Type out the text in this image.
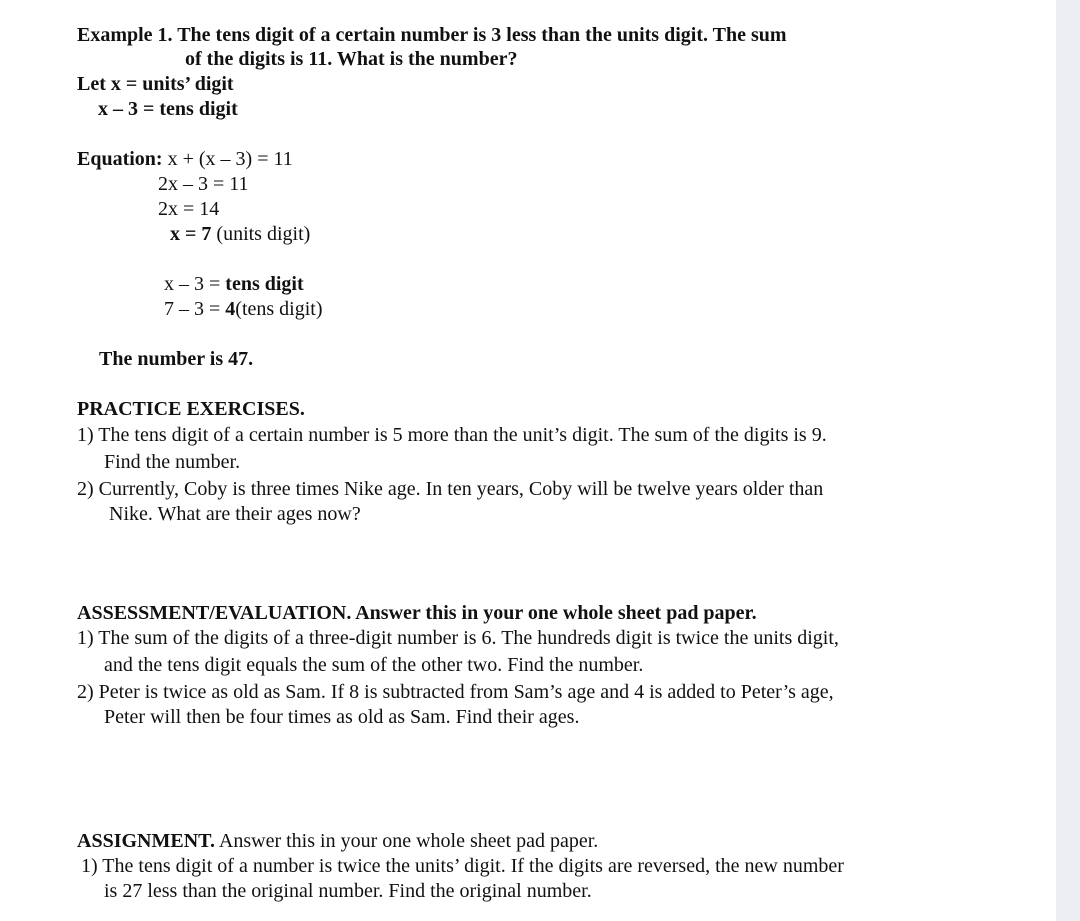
Example 1. The tens digit of a certain number is 3 less than the units digit. The sum
of the digits is 11. What is the number?
Let x = units’ digit
x – 3 = tens digit
Equation: x + (x – 3) = 11
2x – 3 = 11
2x = 14
x = 7 (units digit)
x – 3 = tens digit
7 – 3 = 4(tens digit)
The number is 47.
PRACTICE EXERCISES.
1) The tens digit of a certain number is 5 more than the unit’s digit. The sum of the digits is 9.
Find the number.
2) Currently, Coby is three times Nike age. In ten years, Coby will be twelve years older than
Nike. What are their ages now?
ASSESSMENT/EVALUATION. Answer this in your one whole sheet pad paper.
1) The sum of the digits of a three-digit number is 6. The hundreds digit is twice the units digit,
and the tens digit equals the sum of the other two. Find the number.
2) Peter is twice as old as Sam. If 8 is subtracted from Sam’s age and 4 is added to Peter’s age,
Peter will then be four times as old as Sam. Find their ages.
ASSIGNMENT. Answer this in your one whole sheet pad paper.
1) The tens digit of a number is twice the units’ digit. If the digits are reversed, the new number
is 27 less than the original number. Find the original number.
